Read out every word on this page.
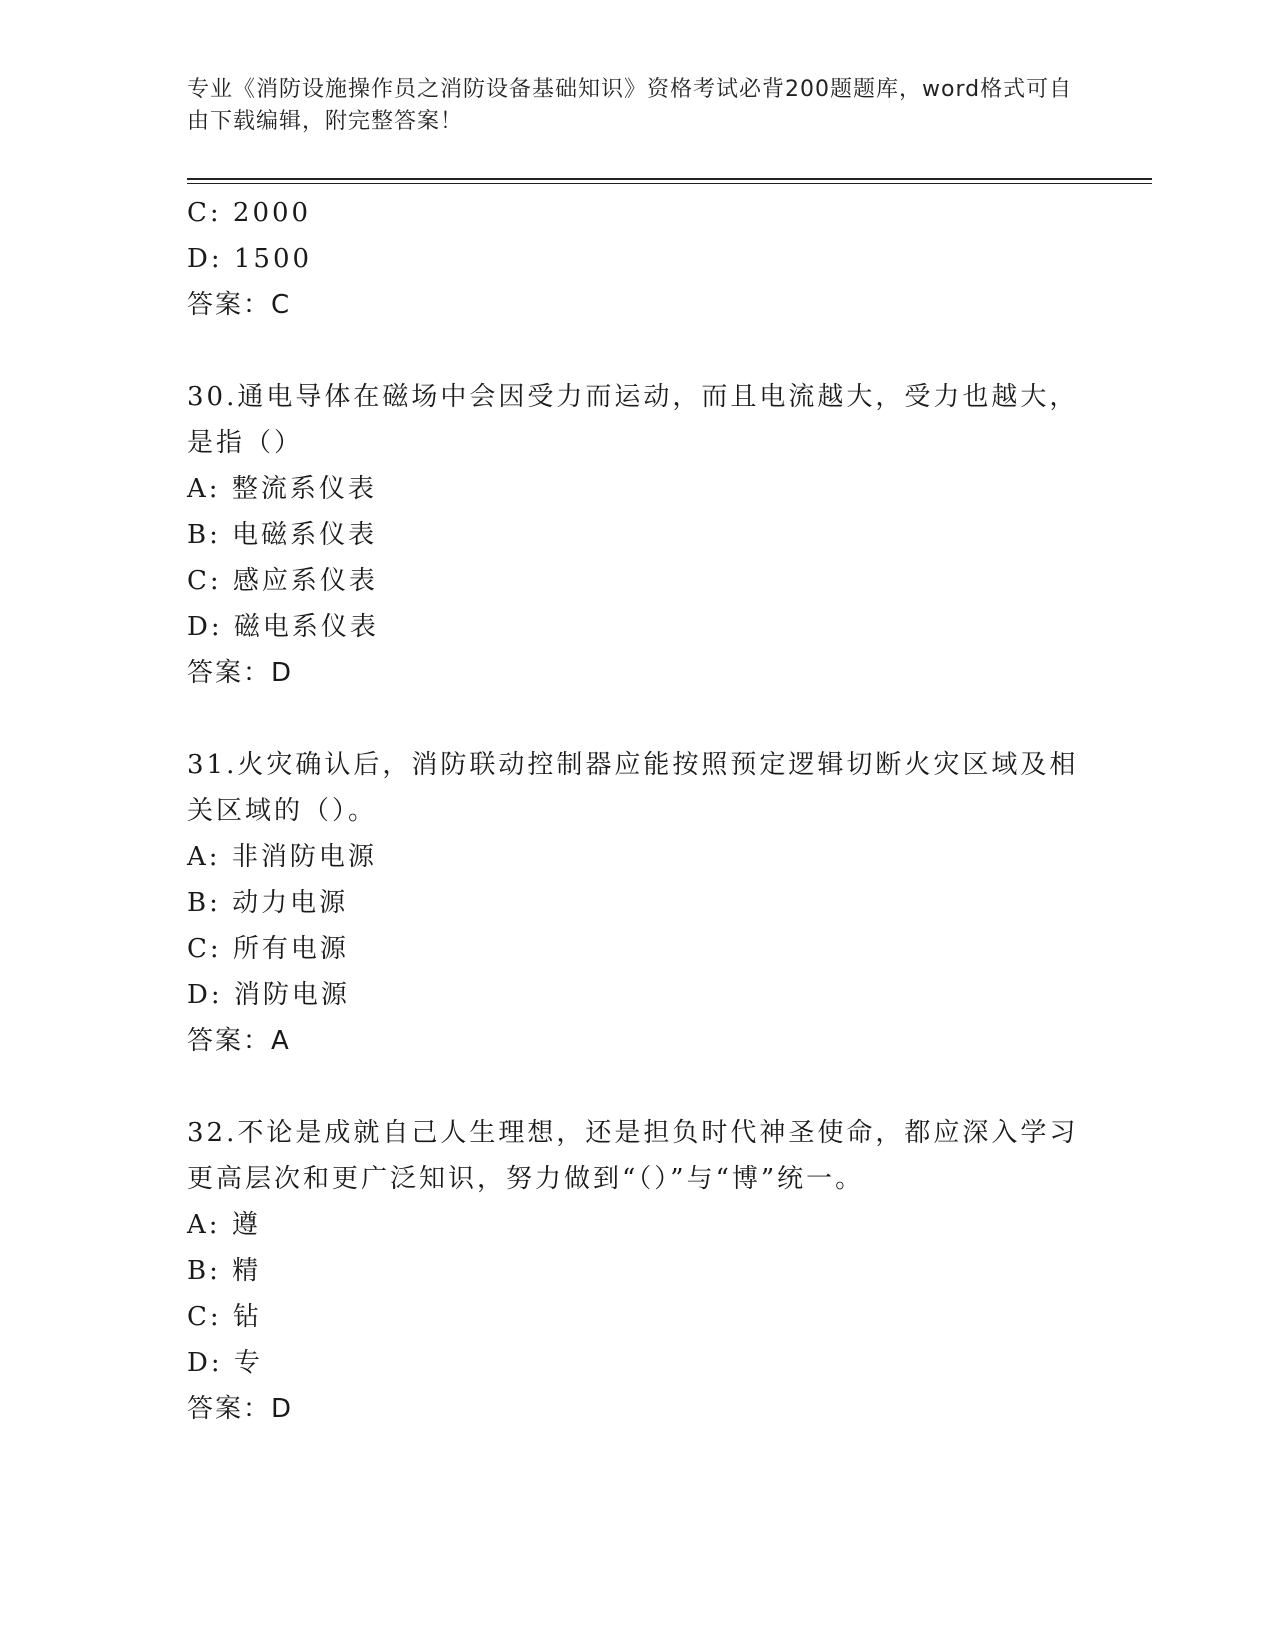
专业《消防设施操作员之消防设备基础知识》资格考试必背200题题库，word格式可自由下载编辑，附完整答案！
C: 2000
D: 1500
答案：C
30.通电导体在磁场中会因受力而运动，而且电流越大，受力也越大，是指（）
A: 整流系仪表
B: 电磁系仪表
C: 感应系仪表
D: 磁电系仪表
答案：D
31.火灾确认后，消防联动控制器应能按照预定逻辑切断火灾区域及相关区域的（）。
A: 非消防电源
B: 动力电源
C: 所有电源
D: 消防电源
答案：A
32.不论是成就自己人生理想，还是担负时代神圣使命，都应深入学习更高层次和更广泛知识，努力做到“（）”与“博”统一。
A: 遵
B: 精
C: 钻
D: 专
答案：D
